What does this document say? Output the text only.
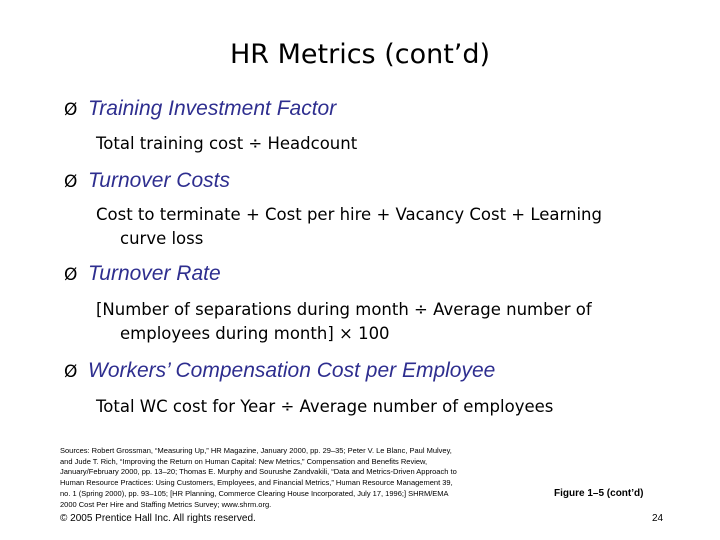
HR Metrics (cont’d)
Ø Training Investment Factor
Total training cost ÷ Headcount
Ø Turnover Costs
Cost to terminate + Cost per hire + Vacancy Cost + Learning
curve loss
Ø Turnover Rate
[Number of separations during month ÷ Average number of
employees during month] × 100
Ø Workers’ Compensation Cost per Employee
Total WC cost for Year ÷ Average number of employees
Sources: Robert Grossman, “Measuring Up,” HR Magazine, January 2000, pp. 29–35; Peter V. Le Blanc, Paul Mulvey,
and Jude T. Rich, “Improving the Return on Human Capital: New Metrics,” Compensation and Benefits Review,
January/February 2000, pp. 13–20; Thomas E. Murphy and Sourushe Zandvakili, “Data and Metrics-Driven Approach to
Human Resource Practices: Using Customers, Employees, and Financial Metrics,” Human Resource Management 39,
no. 1 (Spring 2000), pp. 93–105; [HR Planning, Commerce Clearing House Incorporated, July 17, 1996;] SHRM/EMA
2000 Cost Per Hire and Staffing Metrics Survey; www.shrm.org.
Figure 1–5 (cont’d)
© 2005 Prentice Hall Inc. All rights reserved.	24
